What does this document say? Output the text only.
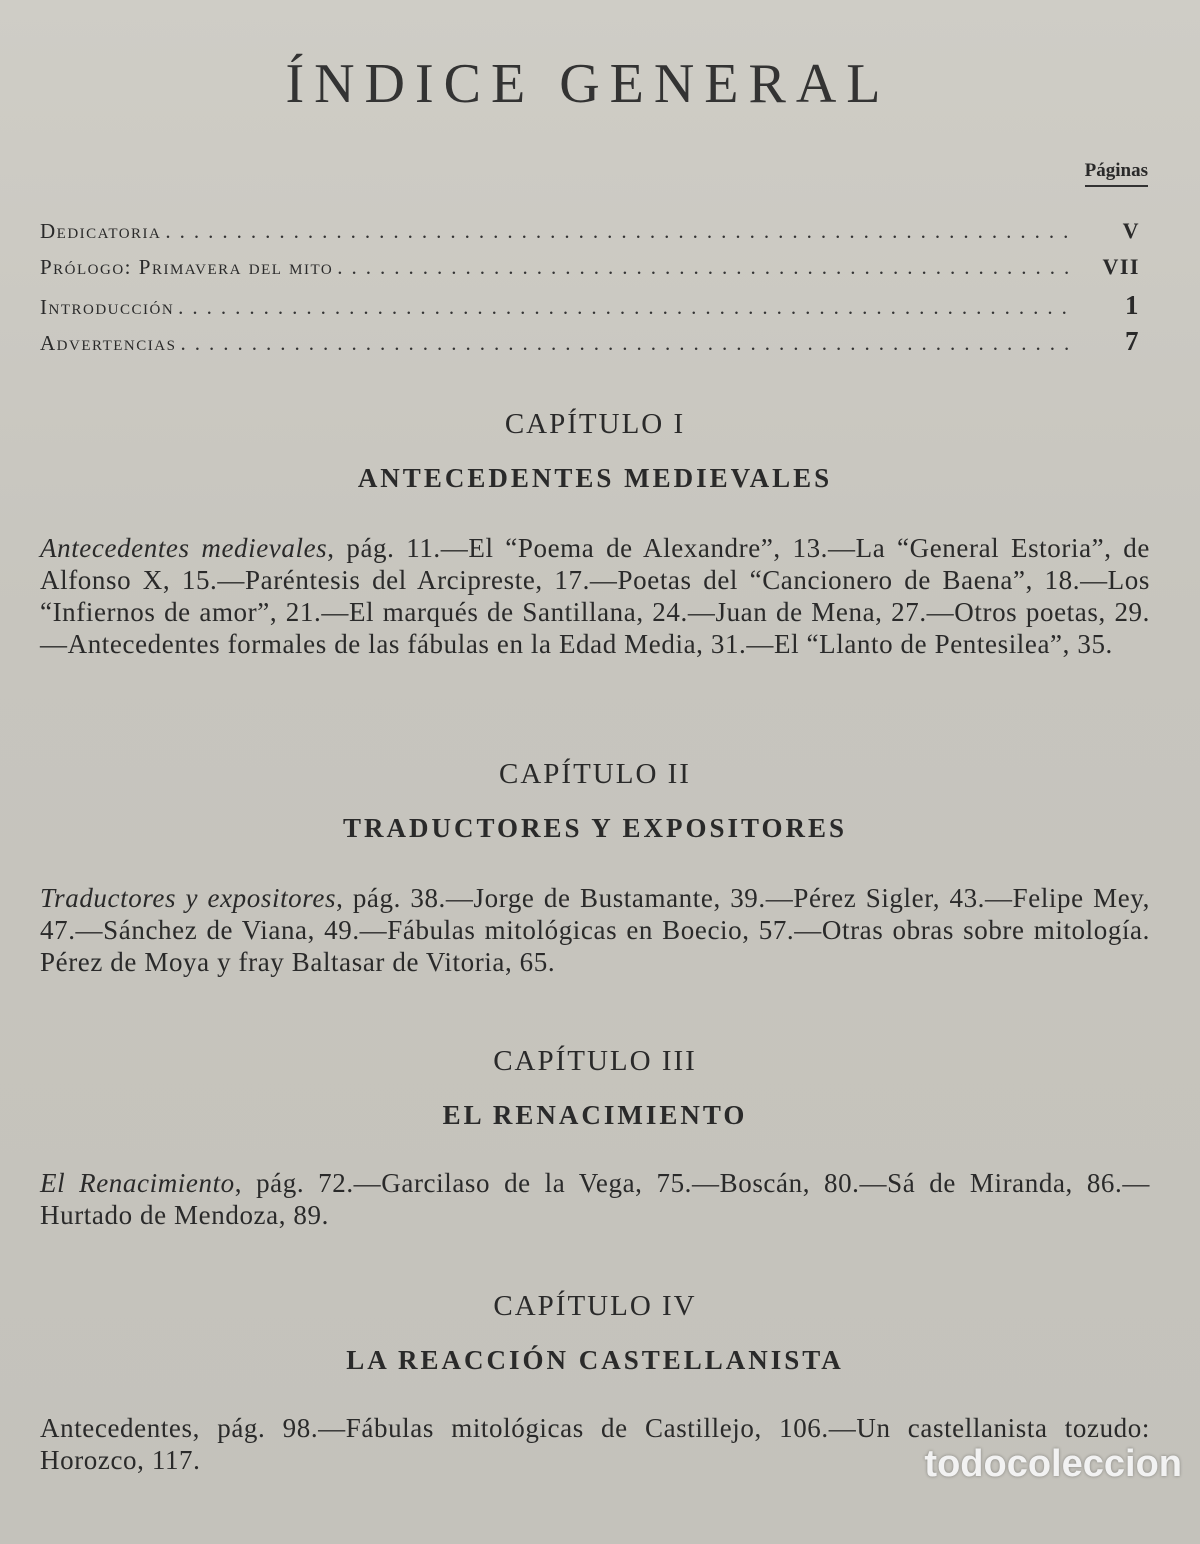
ÍNDICE GENERAL
Páginas
Dedicatoria .....	V
Prólogo: Primavera del mito .....	VII
Introducción .....	1
Advertencias .....	7

CAPÍTULO I

ANTECEDENTES MEDIEVALES

Antecedentes medievales, pág. 11.—El “Poema de Alexandre”, 13.—La “General Estoria”, de Alfonso X, 15.—Paréntesis del Arcipreste, 17.—Poetas del “Cancionero de Baena”, 18.—Los “Infiernos de amor”, 21.—El marqués de Santillana, 24.—Juan de Mena, 27.—Otros poetas, 29.—Antecedentes formales de las fábulas en la Edad Media, 31.—El “Llanto de Pentesilea”, 35.

CAPÍTULO II

TRADUCTORES Y EXPOSITORES

Traductores y expositores, pág. 38.—Jorge de Bustamante, 39.—Pérez Sigler, 43.—Felipe Mey, 47.—Sánchez de Viana, 49.—Fábulas mitológicas en Boecio, 57.—Otras obras sobre mitología. Pérez de Moya y fray Baltasar de Vitoria, 65.

CAPÍTULO III

EL RENACIMIENTO

El Renacimiento, pág. 72.—Garcilaso de la Vega, 75.—Boscán, 80.—Sá de Miranda, 86.—Hurtado de Mendoza, 89.

CAPÍTULO IV

LA REACCIÓN CASTELLANISTA

Antecedentes, pág. 98.—Fábulas mitológicas de Castillejo, 106.—Un castellanista tozudo: Horozco, 117.	todocoleccion
